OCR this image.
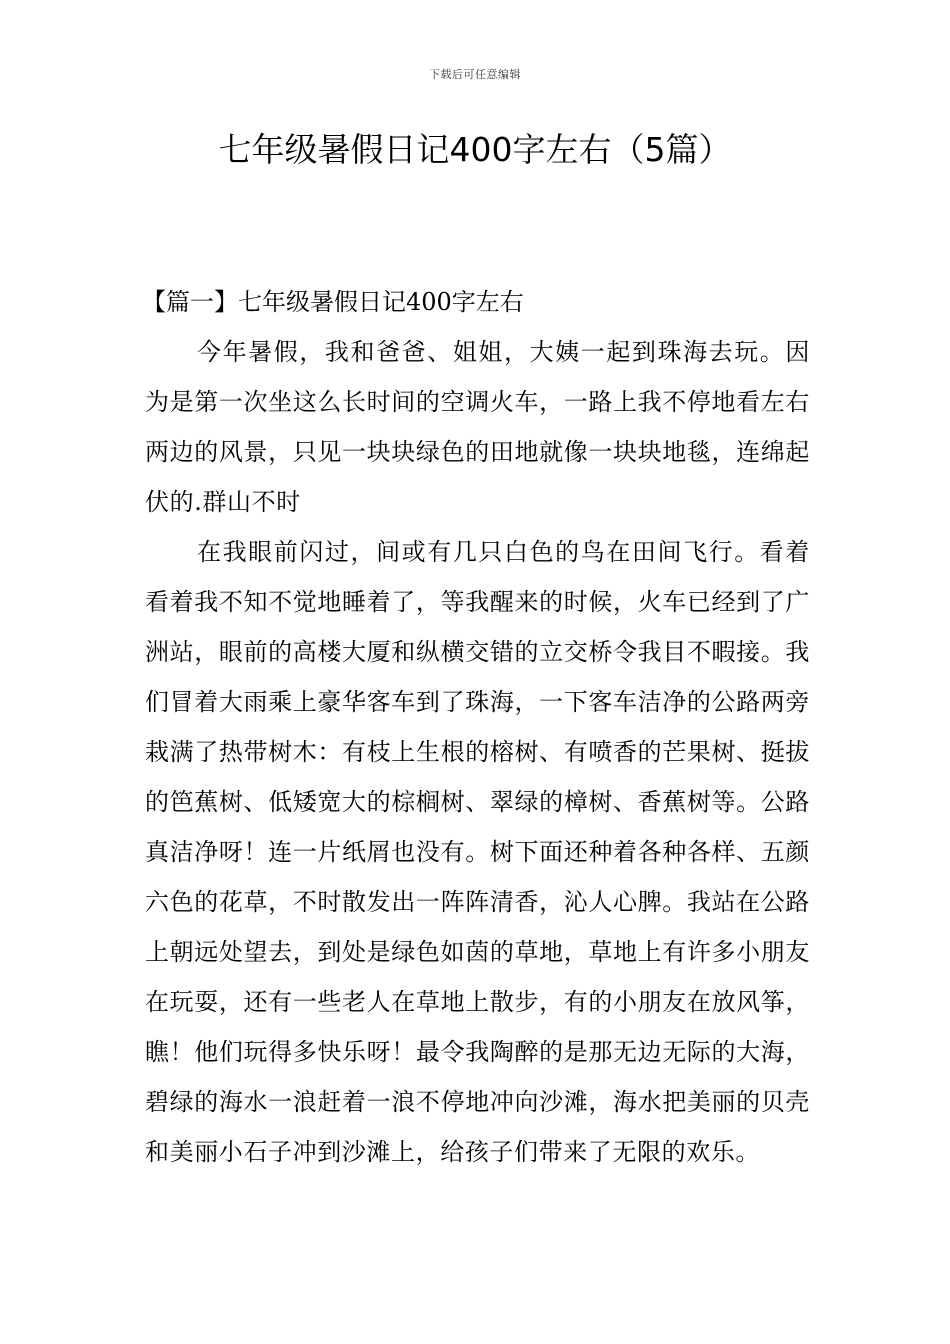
下载后可任意编辑
七年级暑假日记400字左右（5篇）
【篇一】七年级暑假日记400字左右

今年暑假，我和爸爸、姐姐，大姨一起到珠海去玩。因为是第一次坐这么长时间的空调火车，一路上我不停地看左右两边的风景，只见一块块绿色的田地就像一块块地毯，连绵起伏的.群山不时

在我眼前闪过，间或有几只白色的鸟在田间飞行。看着看着我不知不觉地睡着了，等我醒来的时候，火车已经到了广洲站，眼前的高楼大厦和纵横交错的立交桥令我目不暇接。我们冒着大雨乘上豪华客车到了珠海，一下客车洁净的公路两旁栽满了热带树木：有枝上生根的榕树、有喷香的芒果树、挺拔的笆蕉树、低矮宽大的棕榈树、翠绿的樟树、香蕉树等。公路真洁净呀！连一片纸屑也没有。树下面还种着各种各样、五颜六色的花草，不时散发出一阵阵清香，沁人心脾。我站在公路上朝远处望去，到处是绿色如茵的草地，草地上有许多小朋友在玩耍，还有一些老人在草地上散步，有的小朋友在放风筝，瞧！他们玩得多快乐呀！最令我陶醉的是那无边无际的大海，碧绿的海水一浪赶着一浪不停地冲向沙滩，海水把美丽的贝壳和美丽小石子冲到沙滩上，给孩子们带来了无限的欢乐。
